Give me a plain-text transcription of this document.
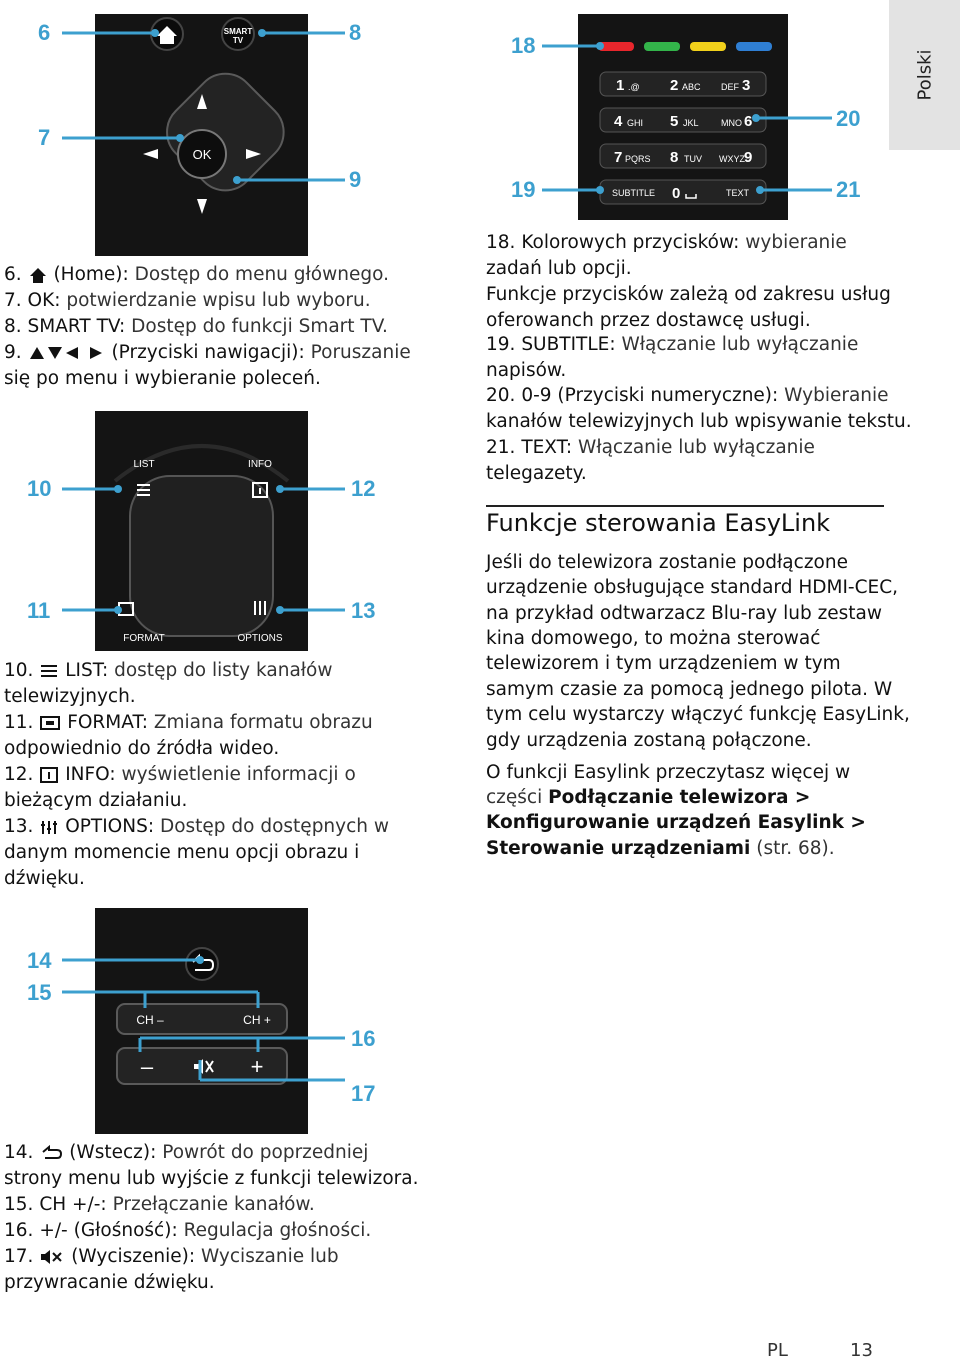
Polski
SMART
TV
OK
6
7
8
9
6. (Home): Dostęp do menu głównego.
7. OK: potwierdzanie wpisu lub wyboru.
8. SMART TV: Dostęp do funkcji Smart TV.
9.	(Przyciski nawigacji): Poruszanie
się po menu i wybieranie poleceń.
LIST	INFO
FORMAT	OPTIONS
10
11
12
13
10. LIST: dostęp do listy kanałów
telewizyjnych.
11. FORMAT: Zmiana formatu obrazu
odpowiednio do źródła wideo.
12. INFO: wyświetlenie informacji o
bieżącym działaniu.
13. OPTIONS: Dostęp do dostępnych w
danym momencie menu opcji obrazu i
dźwięku.
CH –	CH +
–	+
14
15
16
17
14. (Wstecz): Powrót do poprzedniej
strony menu lub wyjście z funkcji telewizora.
15. CH +/-: Przełączanie kanałów.
16. +/- (Głośność): Regulacja głośności.
17. (Wyciszenie): Wyciszanie lub
przywracanie dźwięku.
1 .@ 2 ABC DEF 3
4 GHI 5 JKL MNO 6
7 PQRS 8 TUV WXYZ 9
SUBTITLE 0	TEXT
18
19
20
21
18. Kolorowych przycisków: wybieranie
zadań lub opcji.
Funkcje przycisków zależą od zakresu usług
oferowanch przez dostawcę usługi.
19. SUBTITLE: Włączanie lub wyłączanie
napisów.
20. 0-9 (Przyciski numeryczne): Wybieranie
kanałów telewizyjnych lub wpisywanie tekstu.
21. TEXT: Włączanie lub wyłączanie
telegazety.
Funkcje sterowania EasyLink
Jeśli do telewizora zostanie podłączone
urządzenie obsługujące standard HDMI-CEC,
na przykład odtwarzacz Blu-ray lub zestaw
kina domowego, to można sterować
telewizorem i tym urządzeniem w tym
samym czasie za pomocą jednego pilota. W
tym celu wystarczy włączyć funkcję EasyLink,
gdy urządzenia zostaną połączone.
O funkcji Easylink przeczytasz więcej w
części Podłączanie telewizora >
Konfigurowanie urządzeń Easylink >
Sterowanie urządzeniami (str. 68).
PL	13
